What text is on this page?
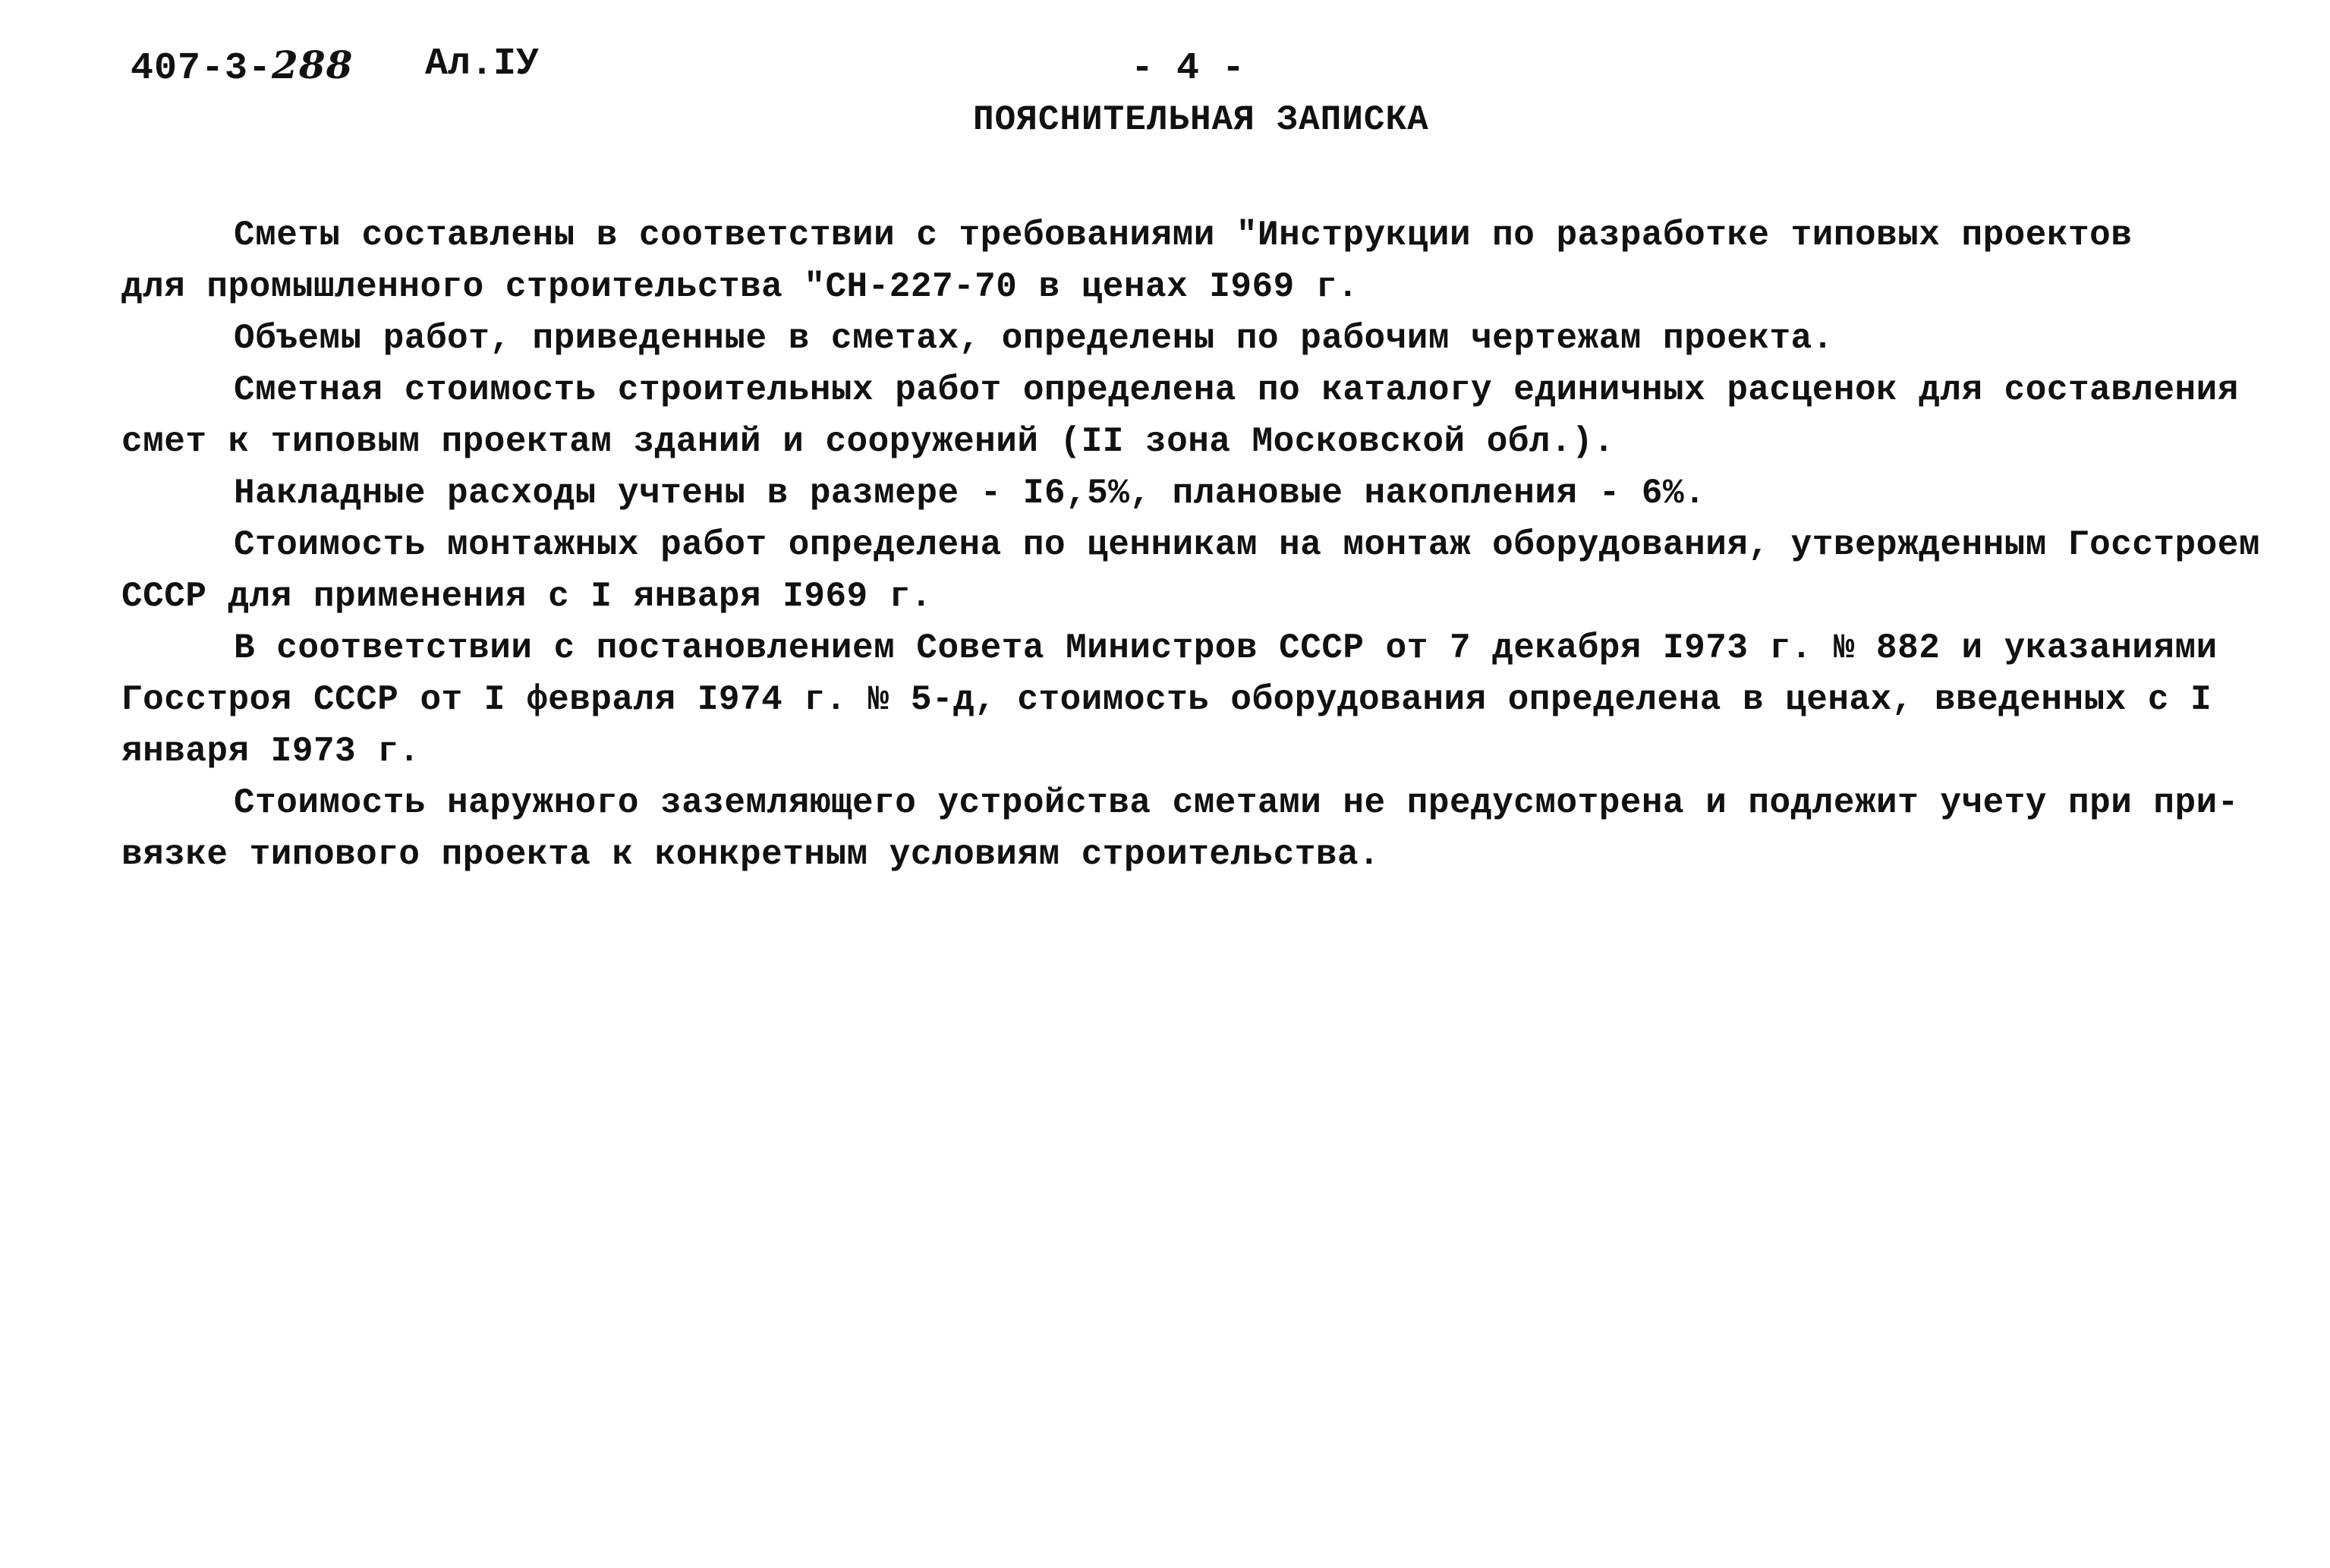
407-3-288 Ал.IУ	- 4 -
ПОЯСНИТЕЛЬНАЯ ЗАПИСКА
Сметы составлены в соответствии с требованиями "Инструкции по разработке типовых проектов
для промышленного строительства "СН-227-70 в ценах I969 г.
Объемы работ, приведенные в сметах, определены по рабочим чертежам проекта.
Сметная стоимость строительных работ определена по каталогу единичных расценок для составления
смет к типовым проектам зданий и сооружений (II зона Московской обл.).
Накладные расходы учтены в размере - I6,5%, плановые накопления - 6%.
Стоимость монтажных работ определена по ценникам на монтаж оборудования, утвержденным Госстроем
СССР для применения с I января I969 г.
В соответствии с постановлением Совета Министров СССР от 7 декабря I973 г. № 882 и указаниями
Госстроя СССР от I февраля I974 г. № 5-д, стоимость оборудования определена в ценах, введенных с I
января I973 г.
Стоимость наружного заземляющего устройства сметами не предусмотрена и подлежит учету при при-
вязке типового проекта к конкретным условиям строительства.
